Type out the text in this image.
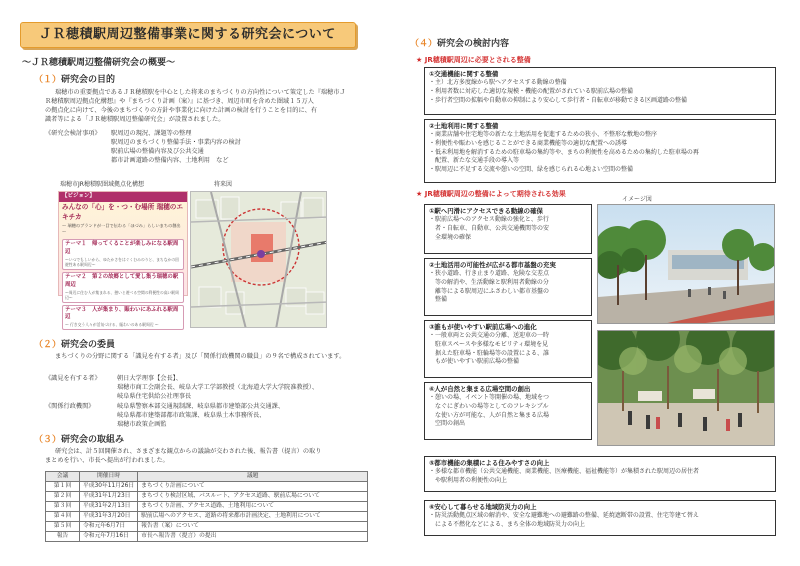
ＪＲ穂積駅周辺整備事業に関する研究会について
～ＪＲ穂積駅周辺整備研究会の概要～
（１）研究会の目的
瑞穂市の重要拠点であるＪＲ穂積駅を中心とした将来のまちづくりの方向性について策定した『瑞穂市Ｊ
Ｒ穂積駅周辺拠点化構想』や『まちづくり計画（案）』に基づき、周辺市町を含めた圏域１５万人
の拠点化に向けて、今後のまちづくりの方針や事業化に向けた計画の検討を行うことを目的に、有
識者等による「ＪＲ穂積駅周辺整備研究会」が設置されました。
《研究会検討事項》	駅周辺の現況、課題等の整理
駅周辺のまちづくり整備手法・事業内容の検討
駅前広場の整備内容及び公共交通
都市計画道路の整備内容、土地利用　など
瑞穂市JR穂積駅圏域拠点化構想	将来図
【ビジョン】
みんなの「心」を・つ・む場所 瑞穂のエキチカ
～ 瑞穂のブランドが一目で伝わる「ほづみ」らしいまちの創出 ～
テーマ１　帰ってくることが楽しみになる駅周辺
～いつでもしいから、ゆたかさをはぐくむみのりと、まちなかの回遊性ある駅周辺～
テーマ２　第２の故郷として愛し集う瑞穂の駅周辺
～周辺に住む人が集まれる、憩いと遊べる空間の利便性の高い駅周辺～
テーマ３　人が集まり、賑わいにあふれる駅周辺
～ 行き交う人々が活気づける、賑わいのある駅周辺 ～
（２）研究会の委員
まちづくりの分野に関する「識見を有する者」及び「関係行政機関の職員」の９名で構成されています。
《識見を有する者》	朝日大学理事【会長】、
瑞穂市商工会副会長、岐阜大学工学部教授（北海道大学大学院准教授）、
岐阜県住宅供給公社理事長
《関係行政機関》	岐阜県警察本部交通規制課、岐阜県都市建築部公共交通課、
岐阜県都市建築部都市政策課、岐阜県土木事務所長、
瑞穂市政策企画監
（３）研究会の取組み
研究会は、計５回開催され、さまざまな観点からの議論が交わされた後、報告書（提言）の取り
まとめを行い、市長へ提出が行われました。
会議	開催日時	議題
第１回	平成30年11月26日	まちづくり計画について
第２回	平成31年1月23日	まちづくり検討区域、パスルート、アクセス道路、駅前広場について
第３回	平成31年2月13日	まちづくり計画、アクセス道路、土地利用について
第４回	平成31年3月20日	駅前広場へのアクセス、道路の将来都市計画決定、土地利用について
第５回	令和元年6月7日	報告書（案）について
報告	令和元年7月16日	市長へ報告書（提言）の提出
（４）研究会の検討内容
★ JR穂積駅周辺に必要とされる整備
①交通機能に関する整備
・主）北方多度線から駅へアクセスする動線の整備
・利用者数に対応した適切な規模・機能の配置がされている駅前広場の整備
・歩行者空間の拡幅や自動車の抑制により安心して歩行者・自転車が移動できる区画道路の整備
②土地利用に関する整備
・商業店舗や住宅地等の新たな土地活用を促進するための狭小、不整形な敷地の整序
・利便性や賑わいを感じることができる商業機能等の適切な配置への誘導
・低未利用地を解消するための駐車場の集約等や、まちの利便性を高めるための集約した駐車場の再
　配置、新たな交通手段の導入等
・駅周辺に不足する交流や憩いの空間、緑を感じられる心地よい空間の整備
★ JR穂積駅周辺の整備によって期待される効果
イメージ図
①駅へ円滑にアクセスできる動線の確保
・駅前広場へのアクセス動線の強化と、歩行
　者・自転車、自動車、公共交通機関等の安
　全環境の確保
②土地活用の可能性が広がる都市基盤の充実
・狭小道路、行き止まり道路、危険な交差点
　等の解消や、生活動線と駅利用者動線の分
　離等による駅周辺にふさわしい都市基盤の
　整備
③誰もが使いやすい駅前広場への進化
・一般車両と公共交通の分離、送迎車の一時
　駐車スペースや多様なモビリティ環境を見
　据えた駐車場・駐輪場等の設置による、誰
　もが使いやすい駅前広場の整備
④人が自然と集まる広場空間の創出
・憩いの場、イベント等開催の場、地域をつ
　なぐにぎわいの場等としてのフレキシブル
　な使い方が可能な、人が自然と集まる広場
　空間の創出
⑤都市機能の集積による住みやすさの向上
・多様な都市機能（公共交通機能、商業機能、医療機能、福祉機能等）が集積された駅周辺の居住者
　や駅利用者の利便性の向上
⑥安心して暮らせる地域防災力の向上
・防災活動拠点区域の解消や、安全な避難地への避難路の整備、延焼遮断帯の設置、住宅等建て替え
　による不燃化などによる、まち全体の地域防災力の向上
